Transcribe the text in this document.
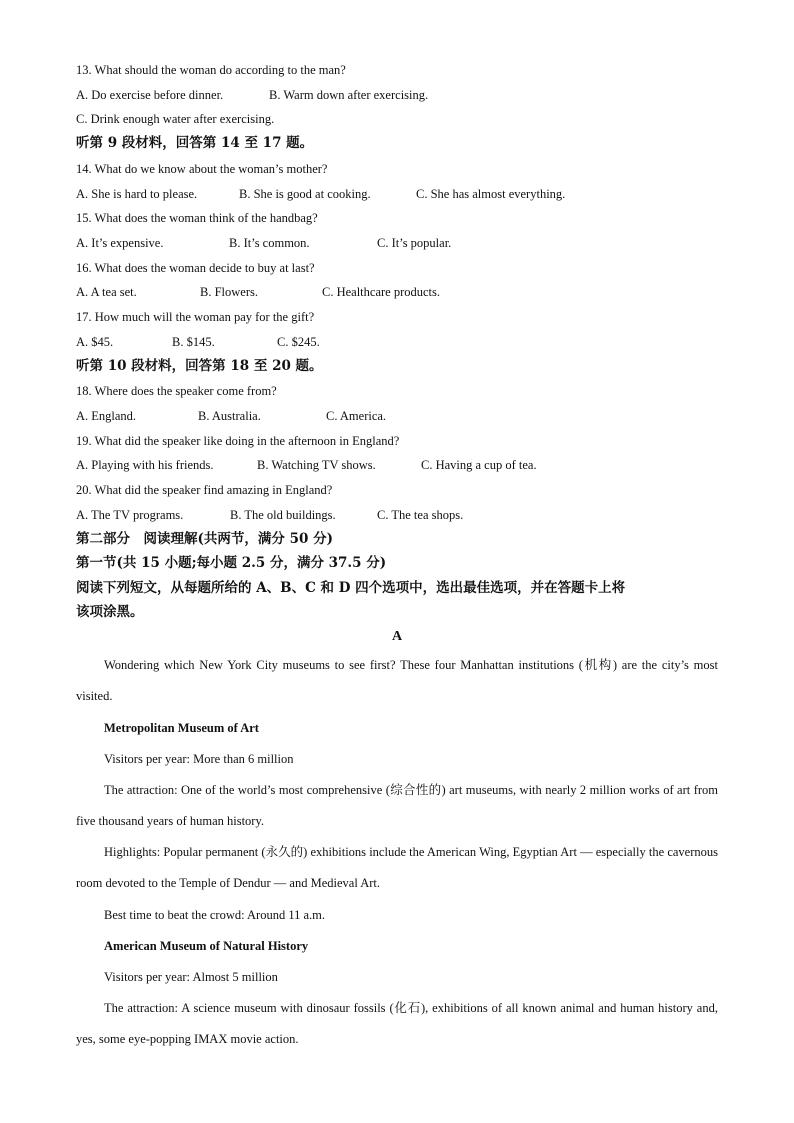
13. What should the woman do according to the man?
A. Do exercise before dinner.	B. Warm down after exercising.
C. Drink enough water after exercising.
听第 9 段材料，回答第 14 至 17 题。
14. What do we know about the woman’s mother?
A. She is hard to please.	B. She is good at cooking.	C. She has almost everything.
15. What does the woman think of the handbag?
A. It’s expensive.	B. It’s common.	C. It’s popular.
16. What does the woman decide to buy at last?
A. A tea set.	B. Flowers.	C. Healthcare products.
17. How much will the woman pay for the gift?
A. $45.	B. $145.	C. $245.
听第 10 段材料，回答第 18 至 20 题。
18. Where does the speaker come from?
A. England.	B. Australia.	C. America.
19. What did the speaker like doing in the afternoon in England?
A. Playing with his friends.	B. Watching TV shows.	C. Having a cup of tea.
20. What did the speaker find amazing in England?
A. The TV programs.	B. The old buildings.	C. The tea shops.
第二部分　阅读理解(共两节，满分 50 分)
第一节(共 15 小题;每小题 2.5 分，满分 37.5 分)
阅读下列短文，从每题所给的 A、B、C 和 D 四个选项中，选出最佳选项，并在答题卡上将
该项涂黑。
A
Wondering which New York City museums to see first? These four Manhattan institutions (机构) are the city’s most visited.
Metropolitan Museum of Art
Visitors per year: More than 6 million
The attraction: One of the world’s most comprehensive (综合性的) art museums, with nearly 2 million works of art from five thousand years of human history.
Highlights: Popular permanent (永久的) exhibitions include the American Wing, Egyptian Art — especially the cavernous room devoted to the Temple of Dendur — and Medieval Art.
Best time to beat the crowd: Around 11 a.m.
American Museum of Natural History
Visitors per year: Almost 5 million
The attraction: A science museum with dinosaur fossils (化石), exhibitions of all known animal and human history and, yes, some eye-popping IMAX movie action.
